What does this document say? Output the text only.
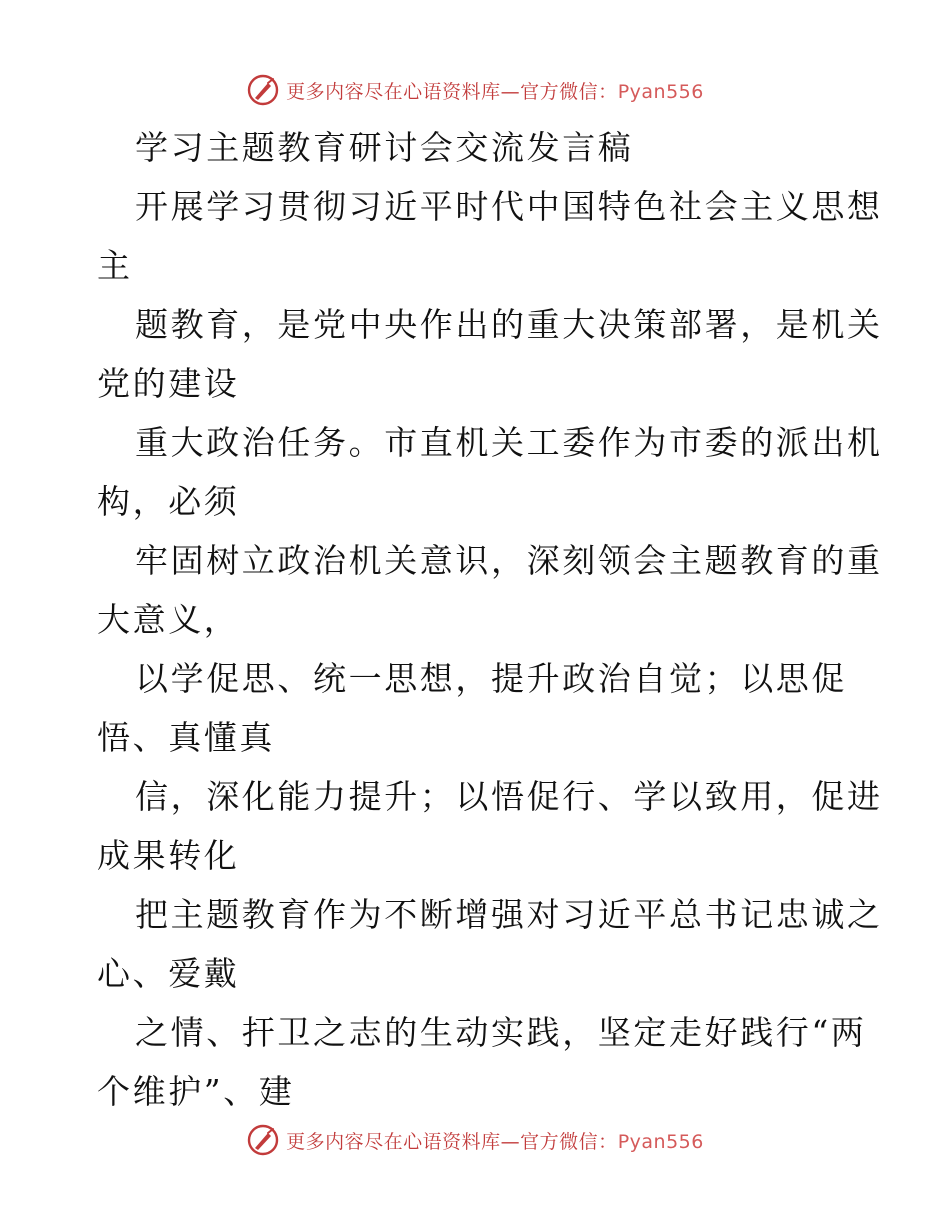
更多内容尽在心语资料库—官方微信：Pyan556

学习主题教育研讨会交流发言稿

开展学习贯彻习近平时代中国特色社会主义思想

主

题教育，是党中央作出的重大决策部署，是机关

党的建设

重大政治任务。市直机关工委作为市委的派出机

构，必须

牢固树立政治机关意识，深刻领会主题教育的重

大意义，

以学促思、统一思想，提升政治自觉；以思促

悟、真懂真

信，深化能力提升；以悟促行、学以致用，促进

成果转化

把主题教育作为不断增强对习近平总书记忠诚之

心、爱戴

之情、扞卫之志的生动实践，坚定走好践行“两

个维护”、建

更多内容尽在心语资料库—官方微信：Pyan556
